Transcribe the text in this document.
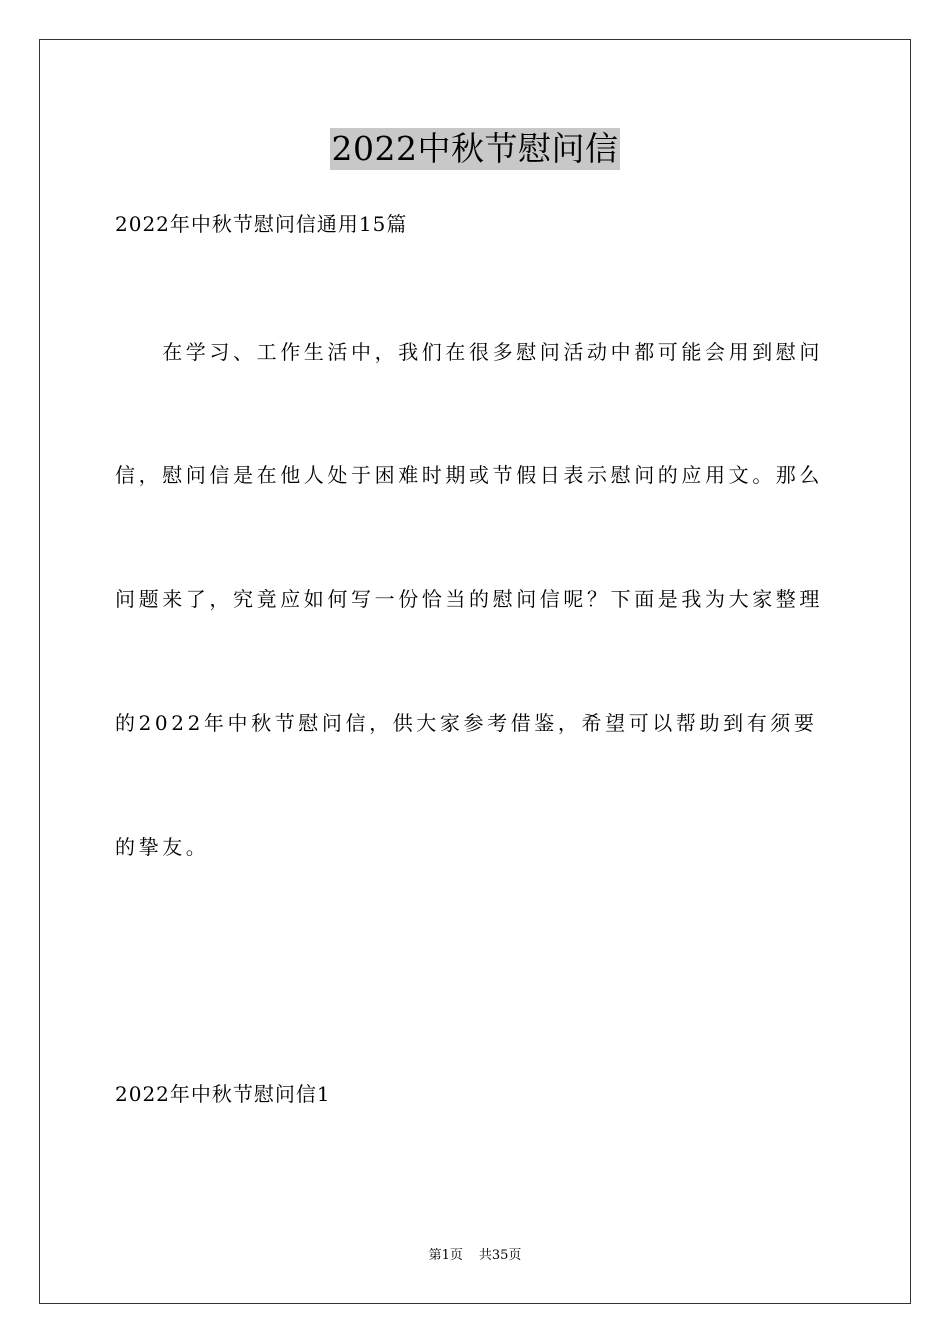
2022中秋节慰问信
2022年中秋节慰问信通用15篇
　　在学习、工作生活中，我们在很多慰问活动中都可能会用到慰问
信，慰问信是在他人处于困难时期或节假日表示慰问的应用文。那么
问题来了，究竟应如何写一份恰当的慰问信呢？下面是我为大家整理
的2022年中秋节慰问信，供大家参考借鉴，希望可以帮助到有须要
的挚友。
2022年中秋节慰问信1
第1页 共35页
